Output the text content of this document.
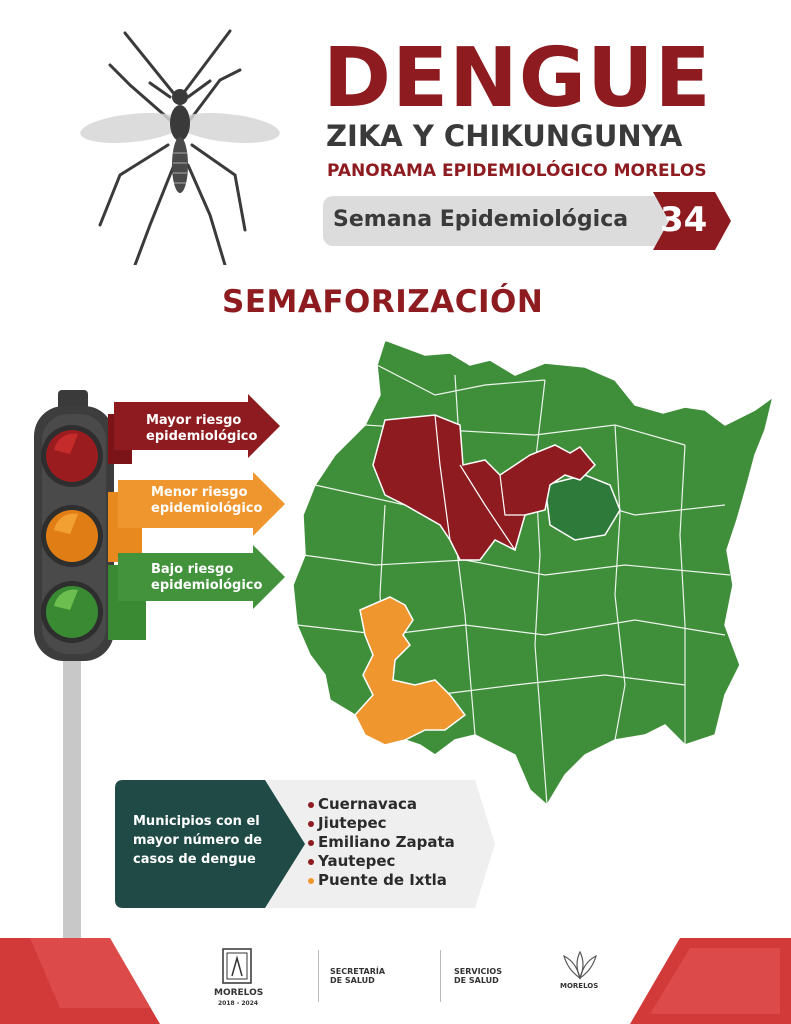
DENGUE
ZIKA Y CHIKUNGUNYA
PANORAMA EPIDEMIOLÓGICO MORELOS
Semana Epidemiológica 34
SEMAFORIZACIÓN
Mayor riesgo
epidemiológico
Menor riesgo
epidemiológico
Bajo riesgo
epidemiológico
Municipios con el mayor número de casos de dengue
Cuernavaca
Jiutepec
Emiliano Zapata
Yautepec
Puente de Ixtla
MORELOS
2018 - 2024
SECRETARÍA
DE SALUD
SERVICIOS
DE SALUD
MORELOS
